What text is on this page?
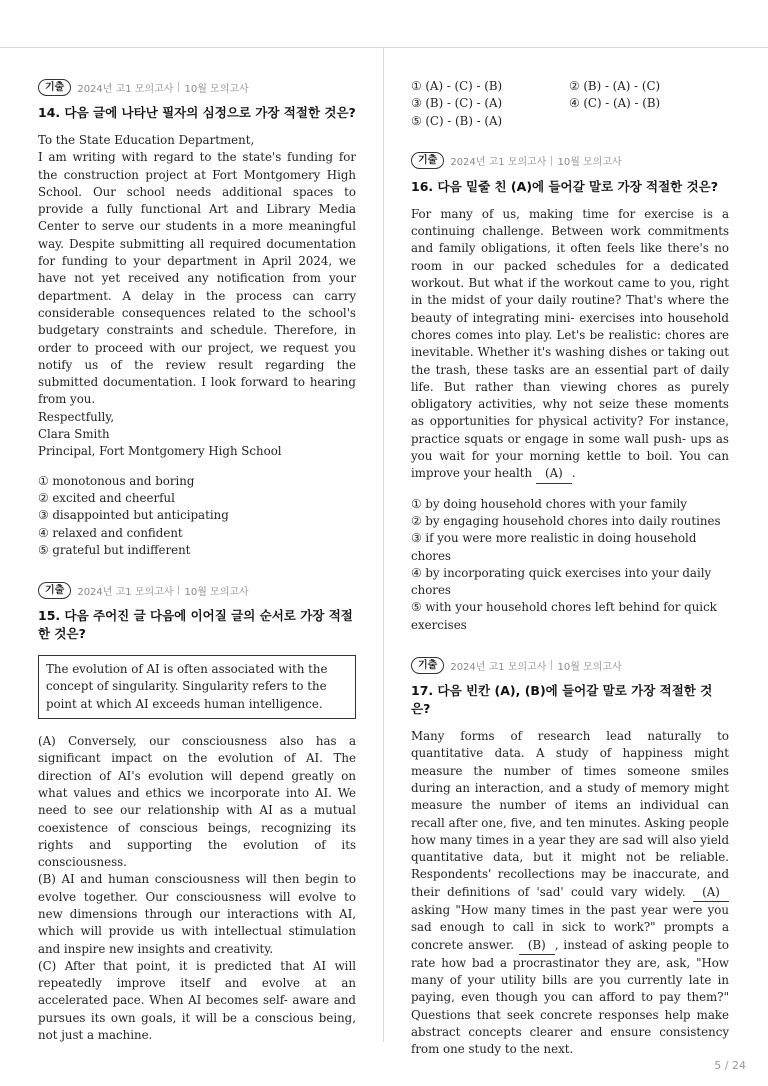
기출	2024년 고1 모의고사 10월 모의고사
14. 다음 글에 나타난 필자의 심정으로 가장 적절한 것은?
To the State Education Department,

I am writing with regard to the state's funding for the construction project at Fort Montgomery High School. Our school needs additional spaces to provide a fully functional Art and Library Media Center to serve our students in a more meaningful way. Despite submitting all required documentation for funding to your department in April 2024, we have not yet received any notification from your department. A delay in the process can carry considerable consequences related to the school's budgetary constraints and schedule. Therefore, in order to proceed with our project, we request you notify us of the review result regarding the submitted documentation. I look forward to hearing from you.

Respectfully,
Clara Smith
Principal, Fort Montgomery High School
① monotonous and boring
② excited and cheerful
③ disappointed but anticipating
④ relaxed and confident
⑤ grateful but indifferent
기출	2024년 고1 모의고사 10월 모의고사
15. 다음 주어진 글 다음에 이어질 글의 순서로 가장 적절한 것은?
The evolution of AI is often associated with the concept of singularity. Singularity refers to the point at which AI exceeds human intelligence.

(A) Conversely, our consciousness also has a significant impact on the evolution of AI. The direction of AI's evolution will depend greatly on what values and ethics we incorporate into AI. We need to see our relationship with AI as a mutual coexistence of conscious beings, recognizing its rights and supporting the evolution of its consciousness.

(B) AI and human consciousness will then begin to evolve together. Our consciousness will evolve to new dimensions through our interactions with AI, which will provide us with intellectual stimulation and inspire new insights and creativity.

(C) After that point, it is predicted that AI will repeatedly improve itself and evolve at an accelerated pace. When AI becomes self- aware and pursues its own goals, it will be a conscious being, not just a machine.

① (A) - (C) - (B)	② (B) - (A) - (C)
③ (B) - (C) - (A)	④ (C) - (A) - (B)
⑤ (C) - (B) - (A)
기출	2024년 고1 모의고사 10월 모의고사
16. 다음 밑줄 친 (A)에 들어갈 말로 가장 적절한 것은?
For many of us, making time for exercise is a continuing challenge. Between work commitments and family obligations, it often feels like there's no room in our packed schedules for a dedicated workout. But what if the workout came to you, right in the midst of your daily routine? That's where the beauty of integrating mini- exercises into household chores comes into play. Let's be realistic: chores are inevitable. Whether it's washing dishes or taking out the trash, these tasks are an essential part of daily life. But rather than viewing chores as purely obligatory activities, why not seize these moments as opportunities for physical activity? For instance, practice squats or engage in some wall push- ups as you wait for your morning kettle to boil. You can improve your health (A) .
① by doing household chores with your family
② by engaging household chores into daily routines
③ if you were more realistic in doing household chores
④ by incorporating quick exercises into your daily chores
⑤ with your household chores left behind for quick exercises
기출	2024년 고1 모의고사 10월 모의고사
17. 다음 빈칸 (A), (B)에 들어갈 말로 가장 적절한 것은?
Many forms of research lead naturally to quantitative data. A study of happiness might measure the number of times someone smiles during an interaction, and a study of memory might measure the number of items an individual can recall after one, five, and ten minutes. Asking people how many times in a year they are sad will also yield quantitative data, but it might not be reliable. Respondents' recollections may be inaccurate, and their definitions of 'sad' could vary widely. (A) asking "How many times in the past year were you sad enough to call in sick to work?" prompts a concrete answer. (B) , instead of asking people to rate how bad a procrastinator they are, ask, "How many of your utility bills are you currently late in paying, even though you can afford to pay them?" Questions that seek concrete responses help make abstract concepts clearer and ensure consistency from one study to the next.
5 / 24
